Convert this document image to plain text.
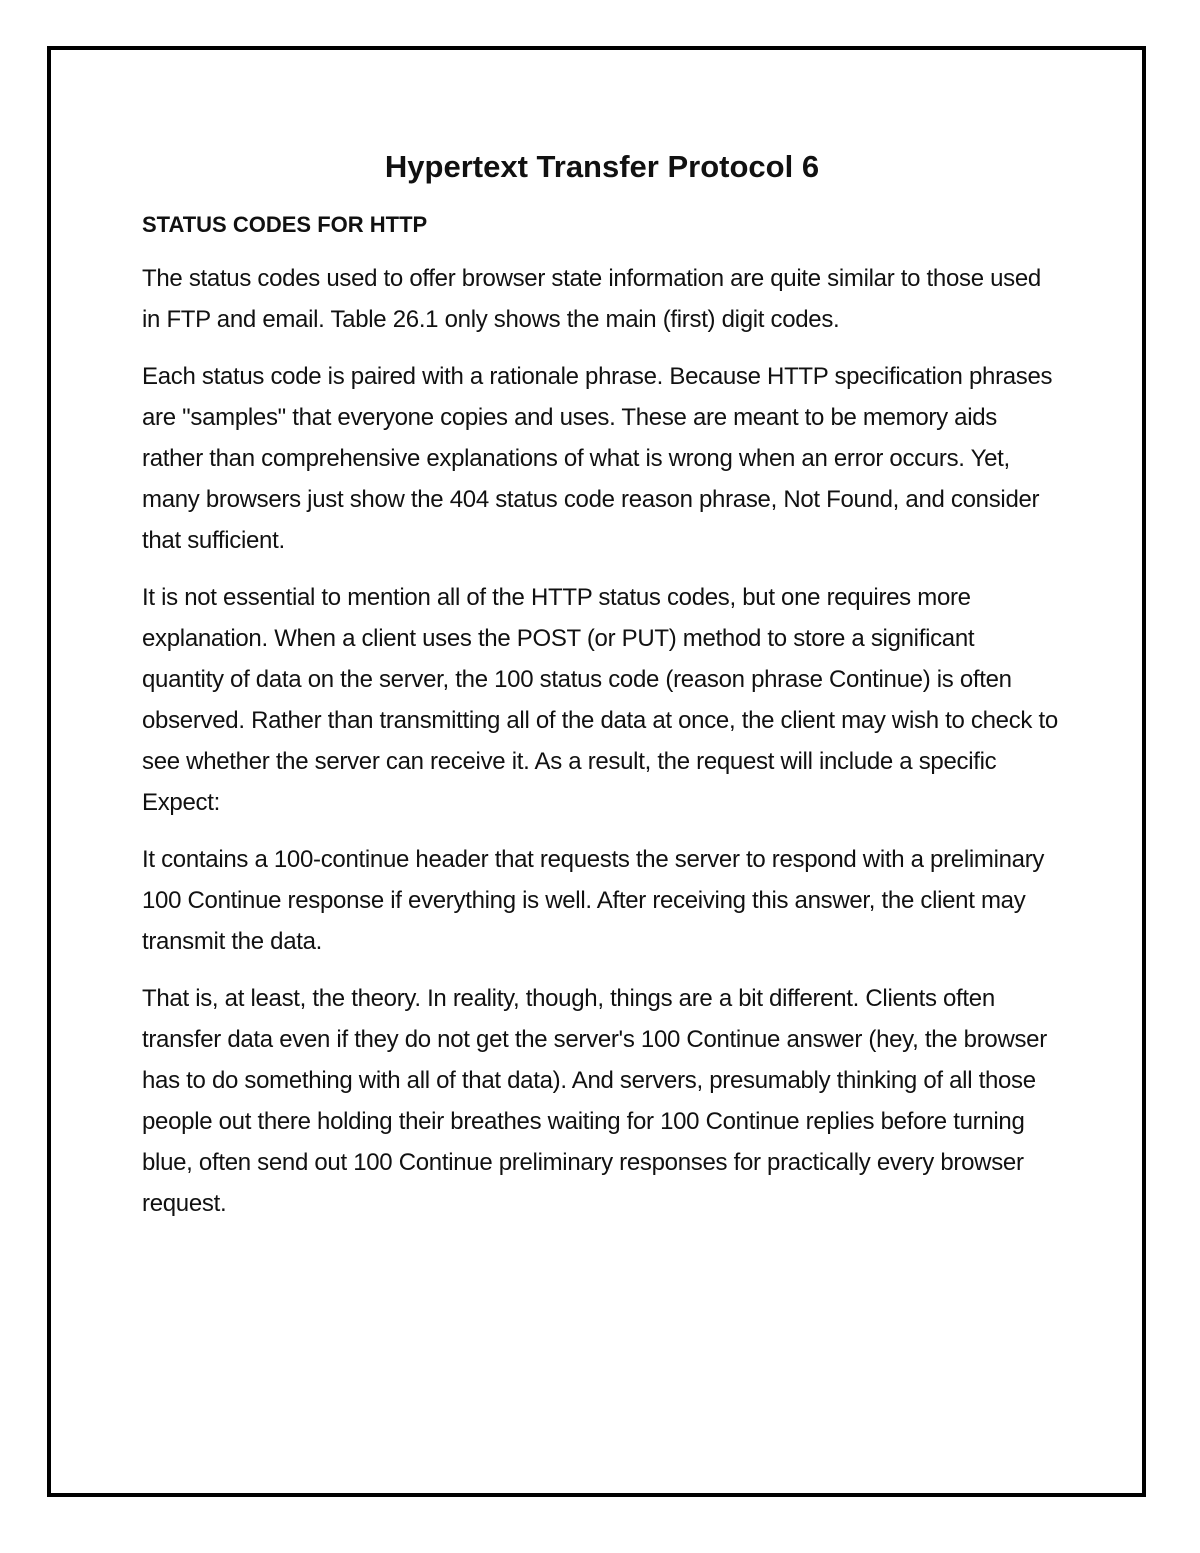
Hypertext Transfer Protocol 6
STATUS CODES FOR HTTP

The status codes used to offer browser state information are quite similar to those used in FTP and email. Table 26.1 only shows the main (first) digit codes.

Each status code is paired with a rationale phrase. Because HTTP specification phrases are "samples" that everyone copies and uses. These are meant to be memory aids rather than comprehensive explanations of what is wrong when an error occurs. Yet, many browsers just show the 404 status code reason phrase, Not Found, and consider that sufficient.

It is not essential to mention all of the HTTP status codes, but one requires more explanation. When a client uses the POST (or PUT) method to store a significant quantity of data on the server, the 100 status code (reason phrase Continue) is often observed. Rather than transmitting all of the data at once, the client may wish to check to see whether the server can receive it. As a result, the request will include a specific Expect:

It contains a 100-continue header that requests the server to respond with a preliminary 100 Continue response if everything is well. After receiving this answer, the client may transmit the data.

That is, at least, the theory. In reality, though, things are a bit different. Clients often transfer data even if they do not get the server's 100 Continue answer (hey, the browser has to do something with all of that data). And servers, presumably thinking of all those people out there holding their breathes waiting for 100 Continue replies before turning blue, often send out 100 Continue preliminary responses for practically every browser request.
